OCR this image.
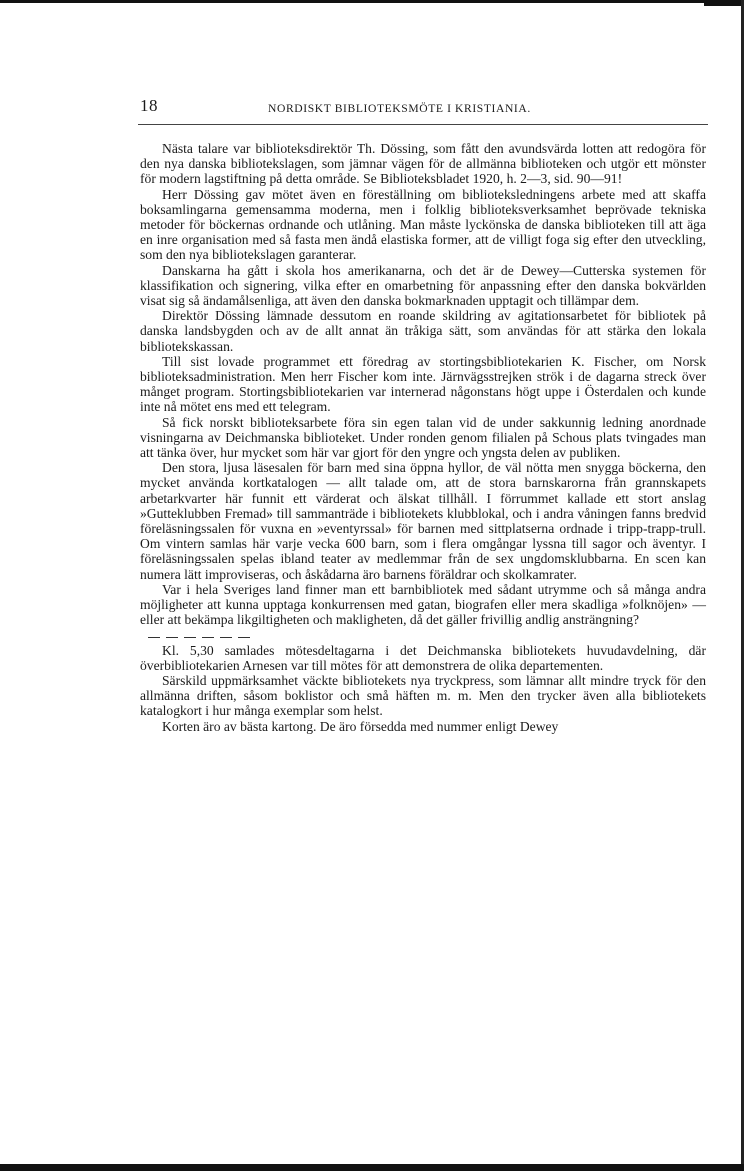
18	NORDISKT BIBLIOTEKSMÖTE I KRISTIANIA.

Nästa talare var biblioteksdirektör Th. Dössing, som fått den avundsvärda lotten att redogöra för den nya danska bibliotekslagen, som jämnar vägen för de allmänna biblioteken och utgör ett mönster för modern lagstiftning på detta område. Se Biblioteksbladet 1920, h. 2—3, sid. 90—91!

Herr Dössing gav mötet även en föreställning om biblioteksledningens arbete med att skaffa boksamlingarna gemensamma moderna, men i folklig biblioteksverksamhet beprövade tekniska metoder för böckernas ordnande och utlåning. Man måste lyckönska de danska biblioteken till att äga en inre organisation med så fasta men ändå elastiska former, att de villigt foga sig efter den utveckling, som den nya bibliotekslagen garanterar.

Danskarna ha gått i skola hos amerikanarna, och det är de Dewey—Cutterska systemen för klassifikation och signering, vilka efter en omarbetning för anpassning efter den danska bokvärlden visat sig så ändamålsenliga, att även den danska bokmarknaden upptagit och tillämpar dem.

Direktör Dössing lämnade dessutom en roande skildring av agitationsarbetet för bibliotek på danska landsbygden och av de allt annat än tråkiga sätt, som användas för att stärka den lokala bibliotekskassan.

Till sist lovade programmet ett föredrag av stortingsbibliotekarien K. Fischer, om Norsk biblioteksadministration. Men herr Fischer kom inte. Järnvägsstrejken strök i de dagarna streck över månget program. Stortingsbibliotekarien var internerad någonstans högt uppe i Österdalen och kunde inte nå mötet ens med ett telegram.

Så fick norskt biblioteksarbete föra sin egen talan vid de under sakkunnig ledning anordnade visningarna av Deichmanska biblioteket. Under ronden genom filialen på Schous plats tvingades man att tänka över, hur mycket som här var gjort för den yngre och yngsta delen av publiken.

Den stora, ljusa läsesalen för barn med sina öppna hyllor, de väl nötta men snygga böckerna, den mycket använda kortkatalogen — allt talade om, att de stora barnskarorna från grannskapets arbetarkvarter här funnit ett värderat och älskat tillhåll. I förrummet kallade ett stort anslag »Gutteklubben Fremad» till sammanträde i bibliotekets klubblokal, och i andra våningen fanns bredvid föreläsningssalen för vuxna en »eventyrssal» för barnen med sittplatserna ordnade i tripp-trapp-trull. Om vintern samlas här varje vecka 600 barn, som i flera omgångar lyssna till sagor och äventyr. I föreläsningssalen spelas ibland teater av medlemmar från de sex ungdomsklubbarna. En scen kan numera lätt improviseras, och åskådarna äro barnens föräldrar och skolkamrater.

Var i hela Sveriges land finner man ett barnbibliotek med sådant utrymme och så många andra möjligheter att kunna upptaga konkurrensen med gatan, biografen eller mera skadliga »folknöjen» — eller att bekämpa likgiltigheten och makligheten, då det gäller frivillig andlig ansträngning?

Kl. 5,30 samlades mötesdeltagarna i det Deichmanska bibliotekets huvudavdelning, där överbibliotekarien Arnesen var till mötes för att demonstrera de olika departementen.

Särskild uppmärksamhet väckte bibliotekets nya tryckpress, som lämnar allt mindre tryck för den allmänna driften, såsom boklistor och små häften m. m. Men den trycker även alla bibliotekets katalogkort i hur många exemplar som helst.

Korten äro av bästa kartong. De äro försedda med nummer enligt Dewey
